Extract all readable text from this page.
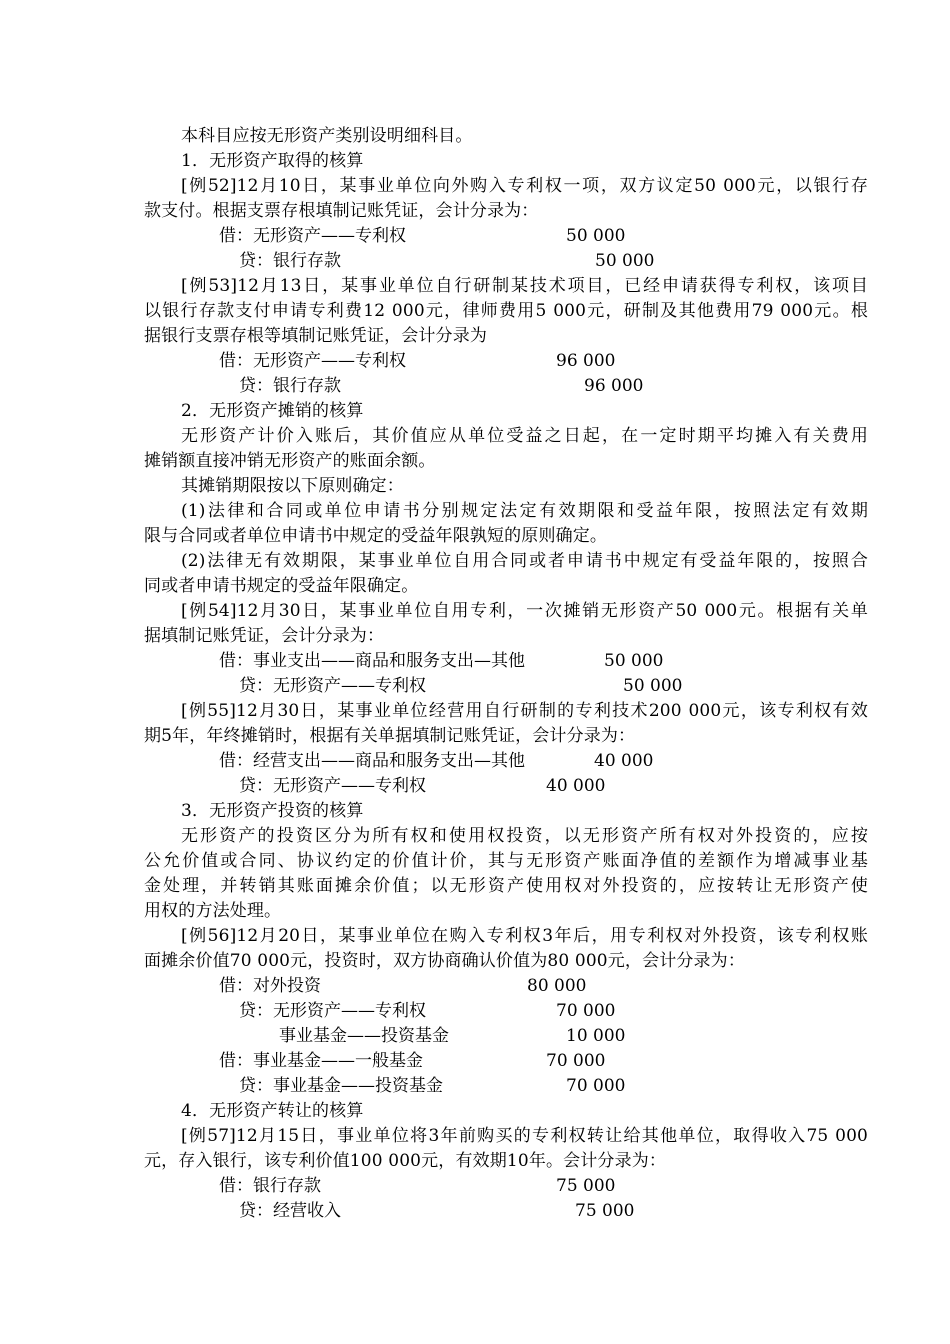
本科目应按无形资产类别设明细科目。
1．无形资产取得的核算
[例52]12月10日，某事业单位向外购入专利权一项，双方议定50 000元，以银行存
款支付。根据支票存根填制记账凭证，会计分录为：
借：无形资产——专利权	50 000
贷：银行存款	50 000
[例53]12月13日，某事业单位自行研制某技术项目，已经申请获得专利权，该项目
以银行存款支付申请专利费12 000元，律师费用5 000元，研制及其他费用79 000元。根
据银行支票存根等填制记账凭证，会计分录为
借：无形资产——专利权	96 000
贷：银行存款	96 000
2．无形资产摊销的核算
无形资产计价入账后，其价值应从单位受益之日起，在一定时期平均摊入有关费用
摊销额直接冲销无形资产的账面余额。
其摊销期限按以下原则确定：
(1)法律和合同或单位申请书分别规定法定有效期限和受益年限，按照法定有效期
限与合同或者单位申请书中规定的受益年限孰短的原则确定。
(2)法律无有效期限，某事业单位自用合同或者申请书中规定有受益年限的，按照合
同或者申请书规定的受益年限确定。
[例54]12月30日，某事业单位自用专利，一次摊销无形资产50 000元。根据有关单
据填制记账凭证，会计分录为：
借：事业支出——商品和服务支出—其他	50 000
贷：无形资产——专利权	50 000
[例55]12月30日，某事业单位经营用自行研制的专利技术200 000元，该专利权有效
期5年，年终摊销时，根据有关单据填制记账凭证，会计分录为：
借：经营支出——商品和服务支出—其他	40 000
贷：无形资产——专利权	40 000
3．无形资产投资的核算
无形资产的投资区分为所有权和使用权投资，以无形资产所有权对外投资的，应按
公允价值或合同、协议约定的价值计价，其与无形资产账面净值的差额作为增减事业基
金处理，并转销其账面摊余价值；以无形资产使用权对外投资的，应按转让无形资产使
用权的方法处理。
[例56]12月20日，某事业单位在购入专利权3年后，用专利权对外投资，该专利权账
面摊余价值70 000元，投资时，双方协商确认价值为80 000元，会计分录为：
借：对外投资	80 000
贷：无形资产——专利权	70 000
事业基金——投资基金	10 000
借：事业基金——一般基金	70 000
贷：事业基金——投资基金	70 000
4．无形资产转让的核算
[例57]12月15日，事业单位将3年前购买的专利权转让给其他单位，取得收入75 000
元，存入银行，该专利价值100 000元，有效期10年。会计分录为：
借：银行存款	75 000
贷：经营收入	75 000
